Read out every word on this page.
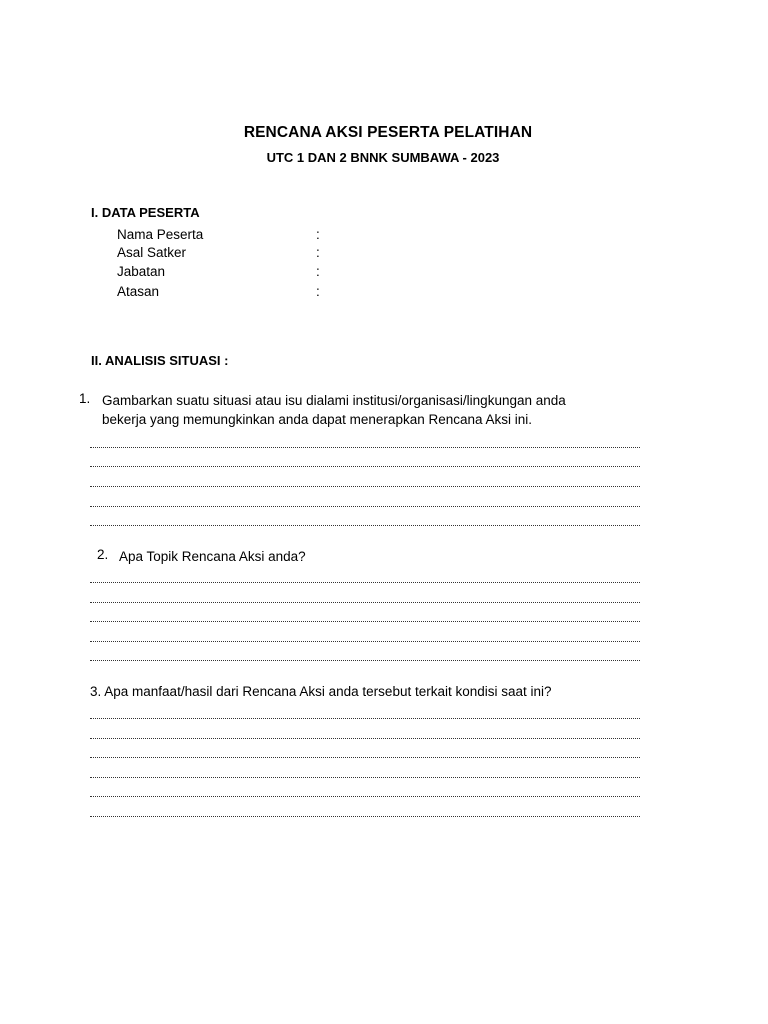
RENCANA AKSI PESERTA PELATIHAN
UTC 1 DAN 2 BNNK SUMBAWA - 2023
I. DATA PESERTA
Nama Peserta	:
Asal Satker	:
Jabatan	:
Atasan	:
II. ANALISIS SITUASI :
1. Gambarkan suatu situasi atau isu dialami institusi/organisasi/lingkungan anda
bekerja yang memungkinkan anda dapat menerapkan Rencana Aksi ini.
2. Apa Topik Rencana Aksi anda?
3. Apa manfaat/hasil dari Rencana Aksi anda tersebut terkait kondisi saat ini?
